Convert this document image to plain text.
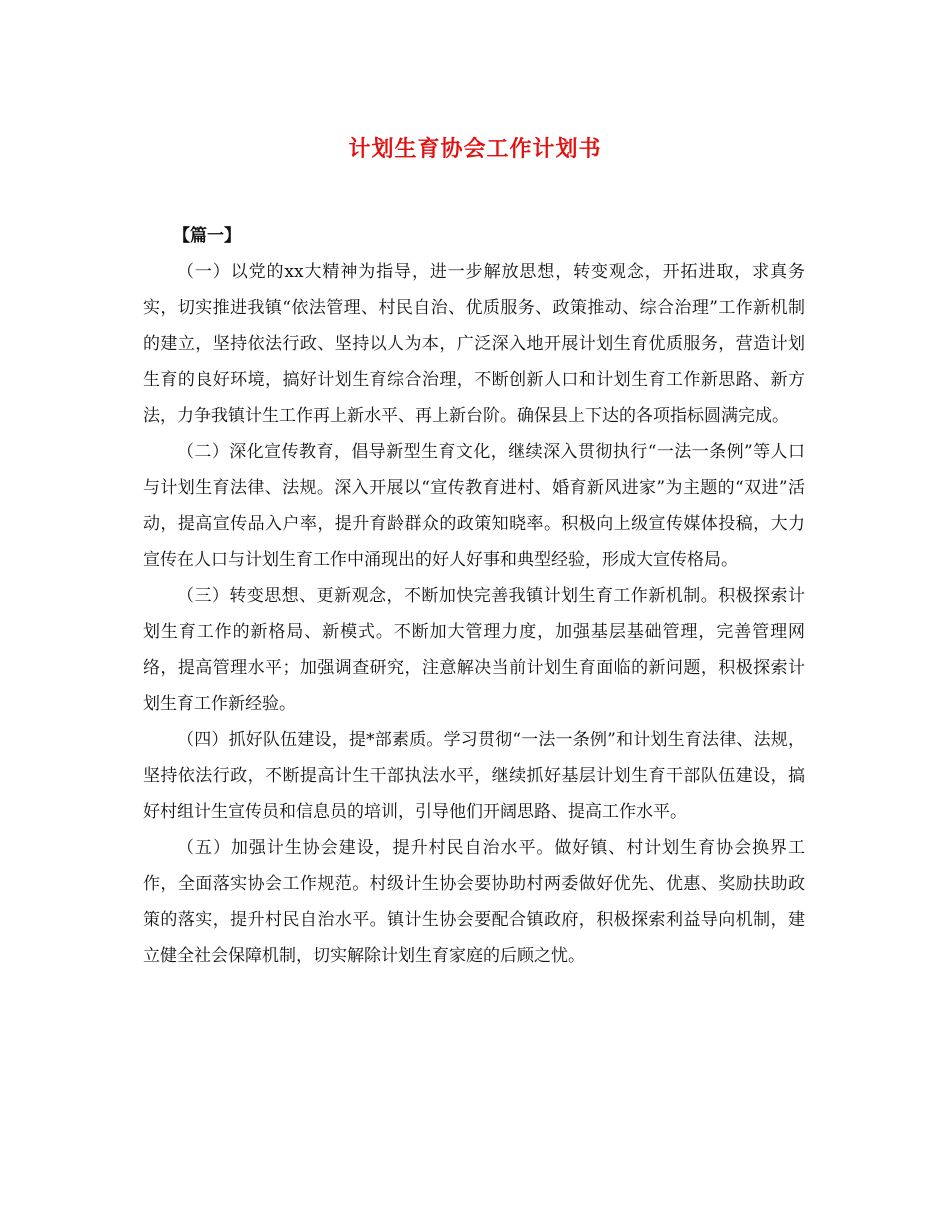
计划生育协会工作计划书

【篇一】

（一）以党的xx大精神为指导，进一步解放思想，转变观念，开拓进取，求真务实，切实推进我镇“依法管理、村民自治、优质服务、政策推动、综合治理”工作新机制的建立，坚持依法行政、坚持以人为本，广泛深入地开展计划生育优质服务，营造计划生育的良好环境，搞好计划生育综合治理，不断创新人口和计划生育工作新思路、新方法，力争我镇计生工作再上新水平、再上新台阶。确保县上下达的各项指标圆满完成。

（二）深化宣传教育，倡导新型生育文化，继续深入贯彻执行“一法一条例”等人口与计划生育法律、法规。深入开展以“宣传教育进村、婚育新风进家”为主题的“双进”活动，提高宣传品入户率，提升育龄群众的政策知晓率。积极向上级宣传媒体投稿，大力宣传在人口与计划生育工作中涌现出的好人好事和典型经验，形成大宣传格局。

（三）转变思想、更新观念，不断加快完善我镇计划生育工作新机制。积极探索计划生育工作的新格局、新模式。不断加大管理力度，加强基层基础管理，完善管理网络，提高管理水平；加强调查研究，注意解决当前计划生育面临的新问题，积极探索计划生育工作新经验。

（四）抓好队伍建设，提*部素质。学习贯彻“一法一条例”和计划生育法律、法规，坚持依法行政，不断提高计生干部执法水平，继续抓好基层计划生育干部队伍建设，搞好村组计生宣传员和信息员的培训，引导他们开阔思路、提高工作水平。

（五）加强计生协会建设，提升村民自治水平。做好镇、村计划生育协会换界工作，全面落实协会工作规范。村级计生协会要协助村两委做好优先、优惠、奖励扶助政策的落实，提升村民自治水平。镇计生协会要配合镇政府，积极探索利益导向机制，建立健全社会保障机制，切实解除计划生育家庭的后顾之忧。
